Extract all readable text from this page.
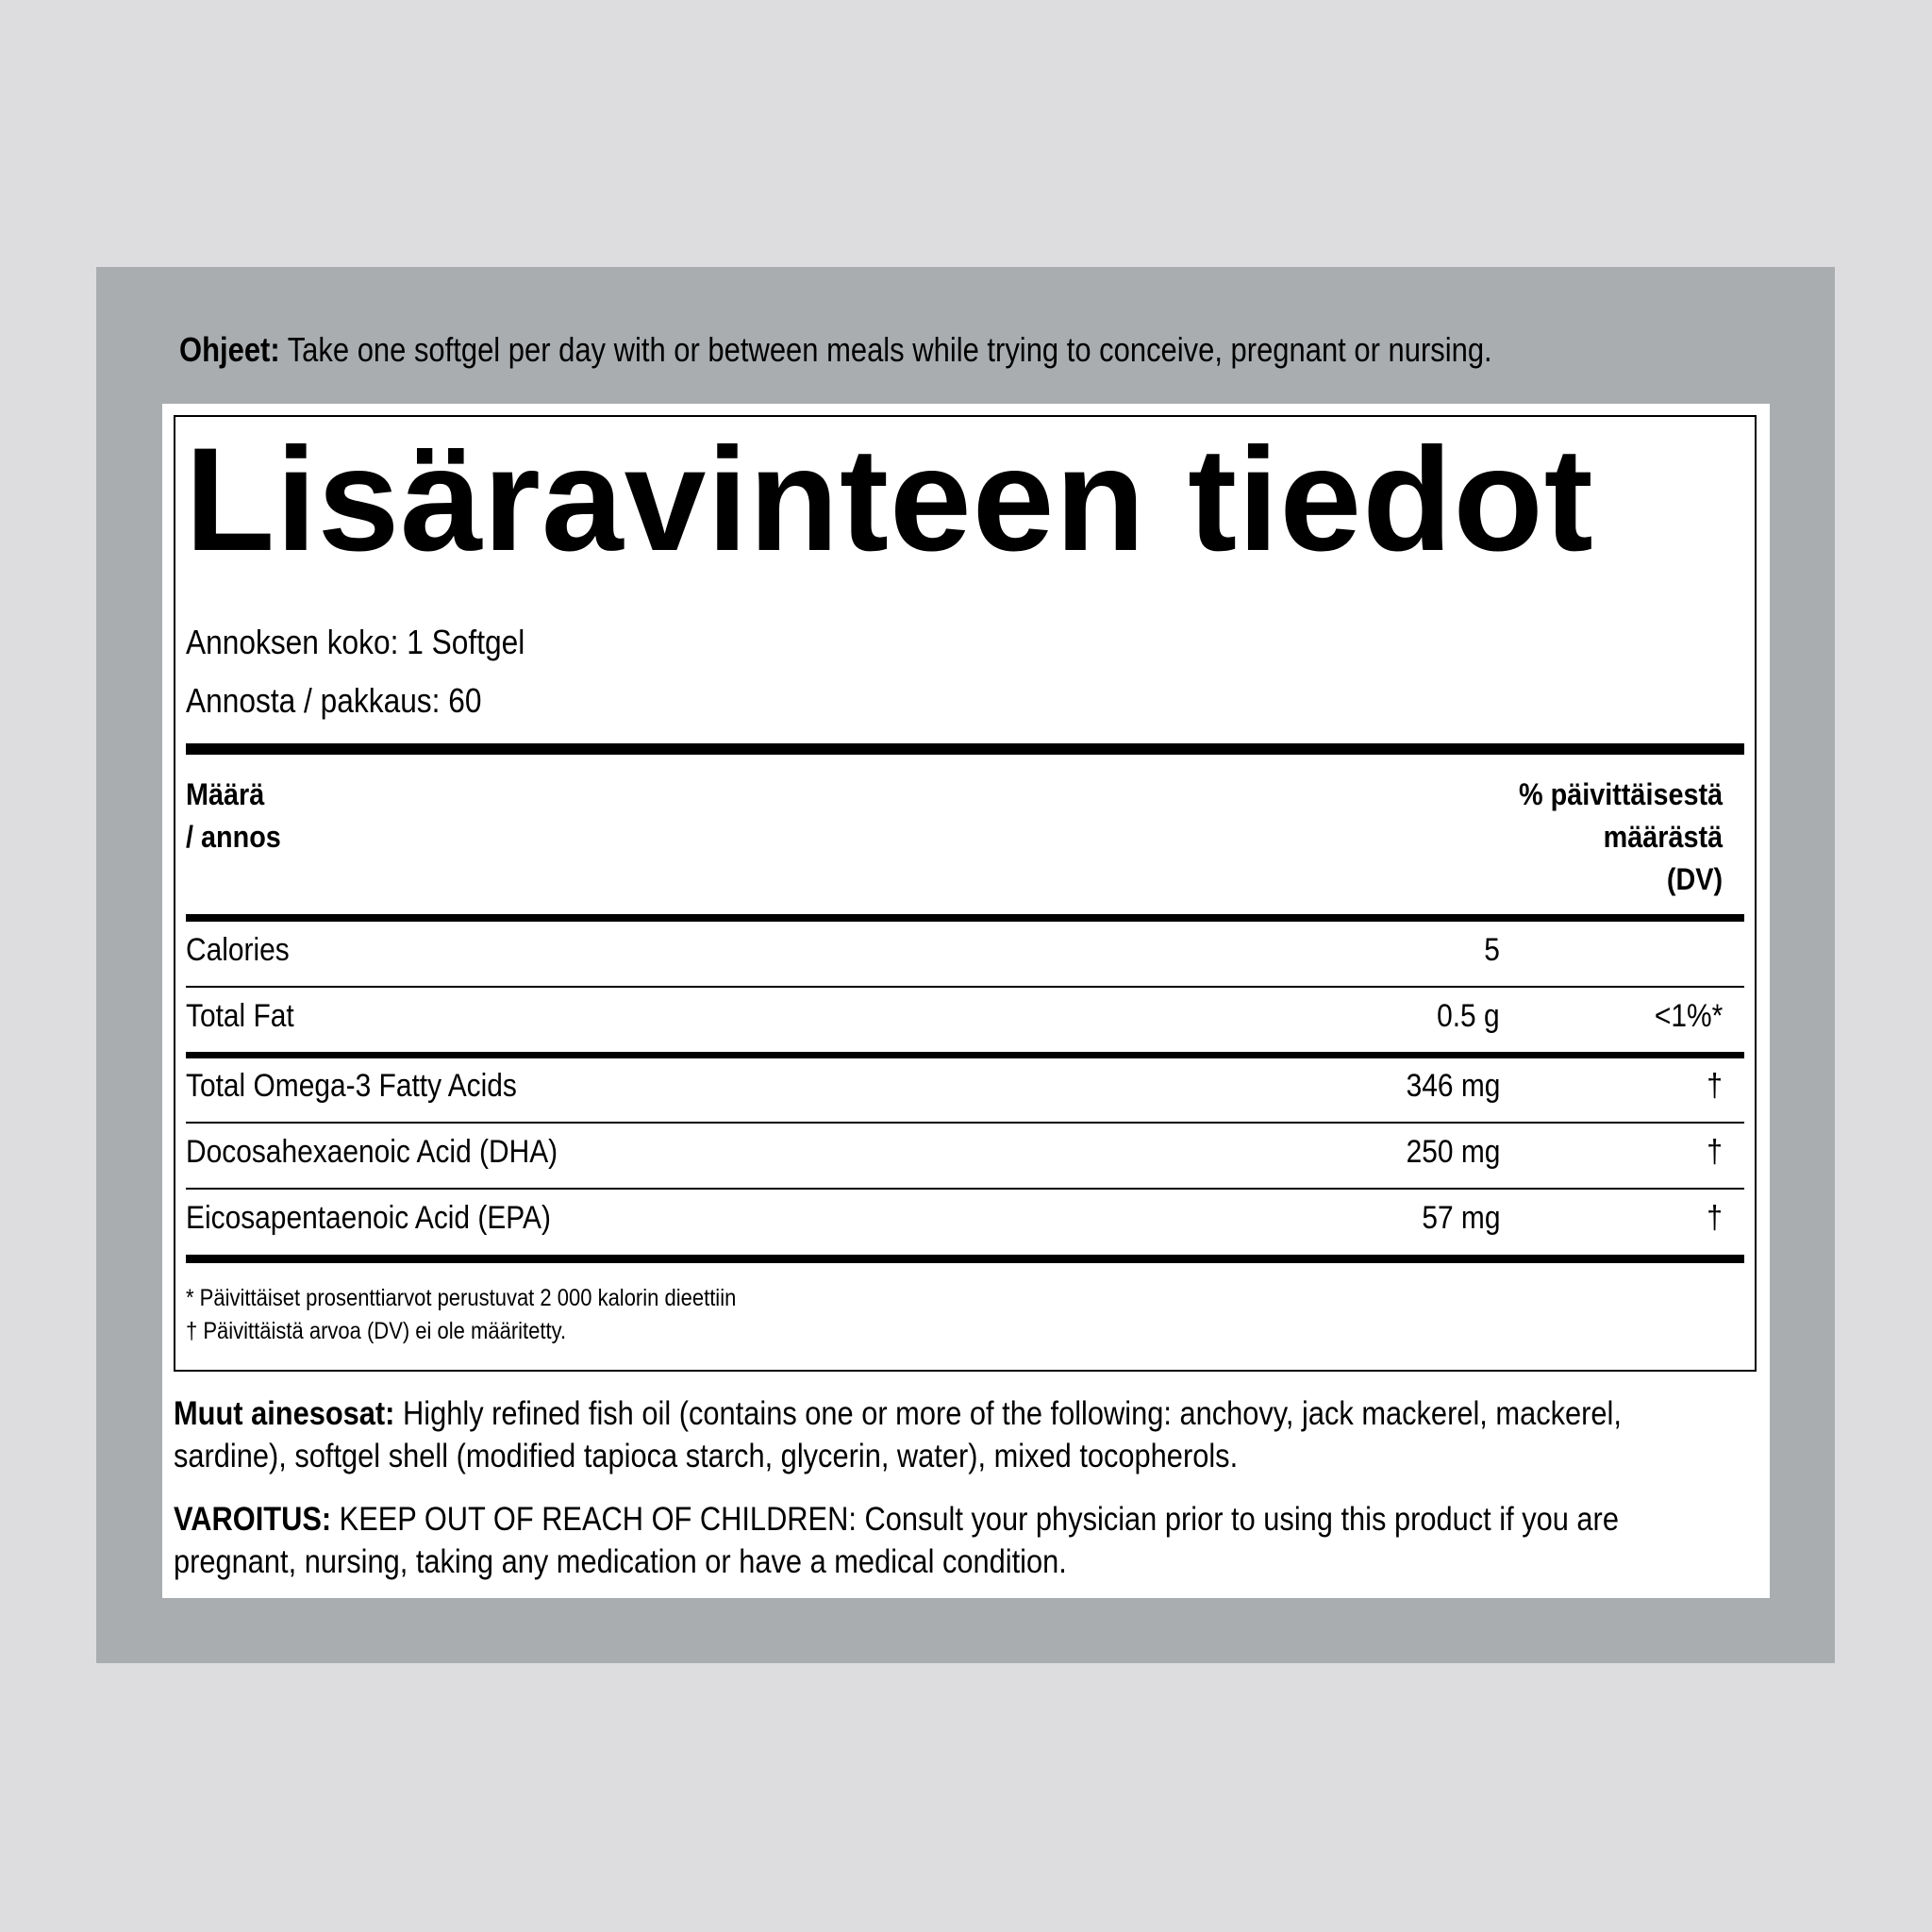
Ohjeet: Take one softgel per day with or between meals while trying to conceive, pregnant or nursing.
Lisäravinteen tiedot
Annoksen koko: 1 Softgel
Annosta / pakkaus: 60
Määrä
/ annos
% päivittäisestä
määrästä
(DV)
Calories	5
Total Fat	0.5 g	<1%*
Total Omega-3 Fatty Acids	346 mg	†
Docosahexaenoic Acid (DHA)	250 mg	†
Eicosapentaenoic Acid (EPA)	57 mg	†
* Päivittäiset prosenttiarvot perustuvat 2 000 kalorin dieettiin
† Päivittäistä arvoa (DV) ei ole määritetty.
Muut ainesosat: Highly refined fish oil (contains one or more of the following: anchovy, jack mackerel, mackerel, sardine), softgel shell (modified tapioca starch, glycerin, water), mixed tocopherols.
VAROITUS: KEEP OUT OF REACH OF CHILDREN: Consult your physician prior to using this product if you are pregnant, nursing, taking any medication or have a medical condition.
